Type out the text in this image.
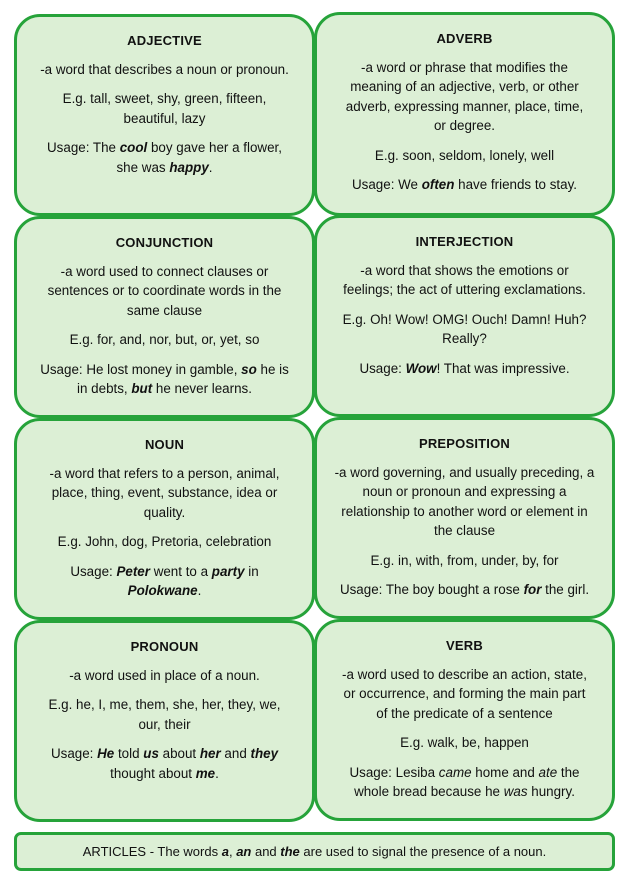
ADJECTIVE

-a word that describes a noun or pronoun.

E.g. tall, sweet, shy, green, fifteen, beautiful, lazy

Usage: The cool boy gave her a flower, she was happy.

ADVERB

-a word or phrase that modifies the meaning of an adjective, verb, or other adverb, expressing manner, place, time, or degree.

E.g. soon, seldom, lonely, well

Usage: We often have friends to stay.

CONJUNCTION

-a word used to connect clauses or sentences or to coordinate words in the same clause

E.g. for, and, nor, but, or, yet, so

Usage: He lost money in gamble, so he is in debts, but he never learns.

INTERJECTION

-a word that shows the emotions or feelings; the act of uttering exclamations.

E.g. Oh! Wow! OMG! Ouch! Damn! Huh? Really?

Usage: Wow! That was impressive.

NOUN

-a word that refers to a person, animal, place, thing, event, substance, idea or quality.

E.g. John, dog, Pretoria, celebration

Usage: Peter went to a party in Polokwane.

PREPOSITION

-a word governing, and usually preceding, a noun or pronoun and expressing a relationship to another word or element in the clause

E.g. in, with, from, under, by, for

Usage: The boy bought a rose for the girl.

PRONOUN

-a word used in place of a noun.

E.g. he, I, me, them, she, her, they, we, our, their

Usage: He told us about her and they thought about me.

VERB

-a word used to describe an action, state, or occurrence, and forming the main part of the predicate of a sentence

E.g. walk, be, happen

Usage: Lesiba came home and ate the whole bread because he was hungry.

ARTICLES - The words a, an and the are used to signal the presence of a noun.
